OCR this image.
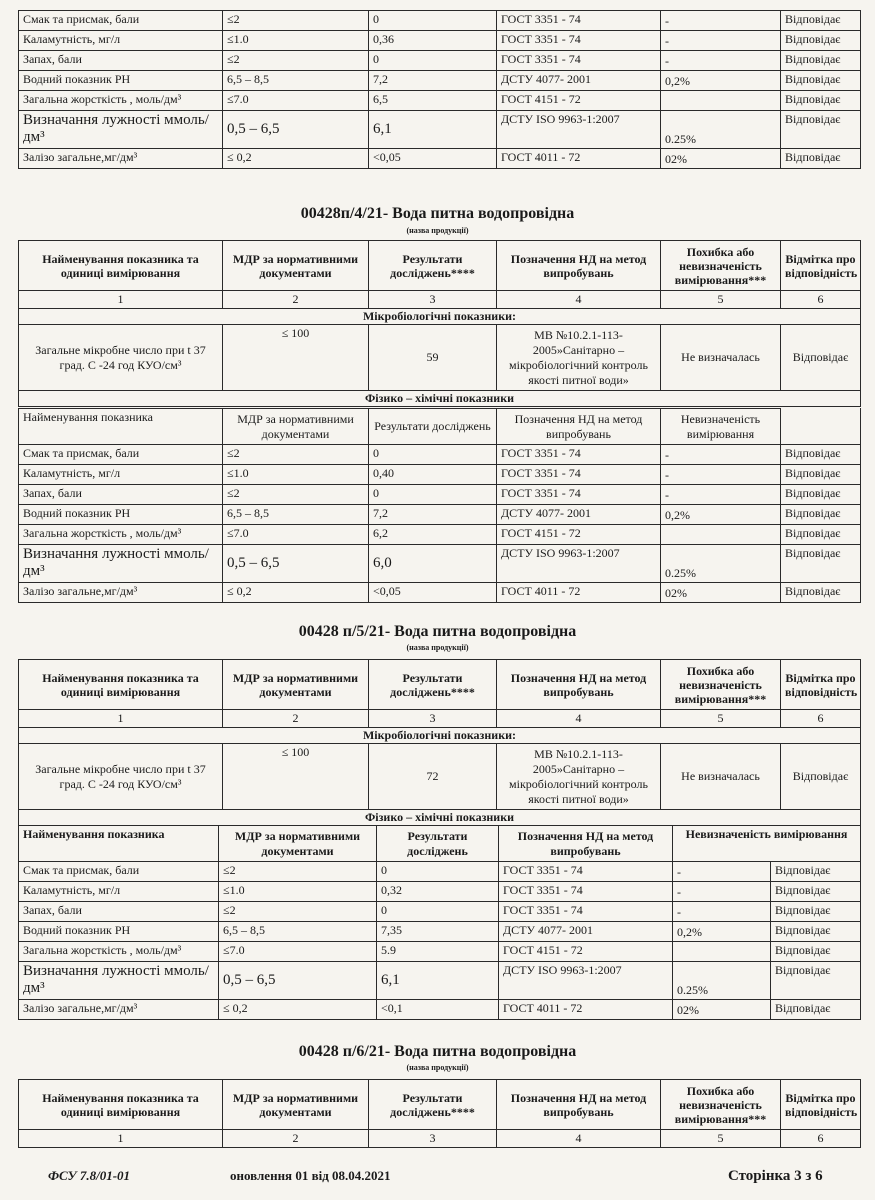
Смак та присмак, бали	≤2	0	ГОСТ 3351 - 74	-	Відповідає
Каламутність, мг/л	≤1.0	0,36	ГОСТ 3351 - 74	-	Відповідає
Запах, бали	≤2	0	ГОСТ 3351 - 74	-	Відповідає
Водний показник РН	6,5 – 8,5	7,2	ДСТУ 4077- 2001	0,2%	Відповідає
Загальна жорсткість , моль/дм³	≤7.0	6,5	ГОСТ 4151 - 72		Відповідає
Визначання лужності ммоль/дм³	0,5 – 6,5	6,1	ДСТУ ISO 9963-1:2007	0.25%	Відповідає
Залізо загальне,мг/дм³	≤ 0,2	<0,05	ГОСТ 4011 - 72	02%	Відповідає
00428п/4/21- Вода питна водопровідна
(назва продукції)
Найменування показника та одиниці вимірювання	МДР за нормативними документами	Результати досліджень****	Позначення НД на метод випробувань	Похибка або невизначеність вимірювання***	Відмітка про відповідність
1	2	3	4	5	6
Мікробіологічні показники:					
Загальне мікробне число при t 37 град. С -24 год КУО/см³	≤ 100	59	МВ №10.2.1-113-2005»Санітарно – мікробіологічний контроль якості питної води»	Не визначалась	Відповідає
Фізико – хімічні показники					
Найменування показника	МДР за нормативними документами	Результати досліджень	Позначення НД на метод випробувань	Невизначеність вимірювання	
Смак та присмак, бали	≤2	0	ГОСТ 3351 - 74	-	Відповідає
Каламутність, мг/л	≤1.0	0,40	ГОСТ 3351 - 74	-	Відповідає
Запах, бали	≤2	0	ГОСТ 3351 - 74	-	Відповідає
Водний показник РН	6,5 – 8,5	7,2	ДСТУ 4077- 2001	0,2%	Відповідає
Загальна жорсткість , моль/дм³	≤7.0	6,2	ГОСТ 4151 - 72		Відповідає
Визначання лужності ммоль/дм³	0,5 – 6,5	6,0	ДСТУ ISO 9963-1:2007	0.25%	Відповідає
Залізо загальне,мг/дм³	≤ 0,2	<0,05	ГОСТ 4011 - 72	02%	Відповідає
00428 п/5/21- Вода питна водопровідна
(назва продукції)
Найменування показника та одиниці вимірювання	МДР за нормативними документами	Результати досліджень****	Позначення НД на метод випробувань	Похибка або невизначеність вимірювання***	Відмітка про відповідність
1	2	3	4	5	6
Мікробіологічні показники:					
Загальне мікробне число при t 37 град. С -24 год КУО/см³	≤ 100	72	МВ №10.2.1-113-2005»Санітарно – мікробіологічний контроль якості питної води»	Не визначалась	Відповідає
Фізико – хімічні показники					
Найменування показника	МДР за нормативними документами	Результати досліджень	Позначення НД на метод випробувань	Невизначеність вимірювання	
Смак та присмак, бали	≤2	0	ГОСТ 3351 - 74	-	Відповідає
Каламутність, мг/л	≤1.0	0,32	ГОСТ 3351 - 74	-	Відповідає
Запах, бали	≤2	0	ГОСТ 3351 - 74	-	Відповідає
Водний показник РН	6,5 – 8,5	7,35	ДСТУ 4077- 2001	0,2%	Відповідає
Загальна жорсткість , моль/дм³	≤7.0	5.9	ГОСТ 4151 - 72		Відповідає
Визначання лужності ммоль/дм³	0,5 – 6,5	6,1	ДСТУ ISO 9963-1:2007	0.25%	Відповідає
Залізо загальне,мг/дм³	≤ 0,2	<0,1	ГОСТ 4011 - 72	02%	Відповідає
00428 п/6/21- Вода питна водопровідна
(назва продукції)
Найменування показника та одиниці вимірювання	МДР за нормативними документами	Результати досліджень****	Позначення НД на метод випробувань	Похибка або невизначеність вимірювання***	Відмітка про відповідність
1	2	3	4	5	6
ФСУ 7.8/01-01	оновлення 01 від 08.04.2021	Сторінка 3 з 6
